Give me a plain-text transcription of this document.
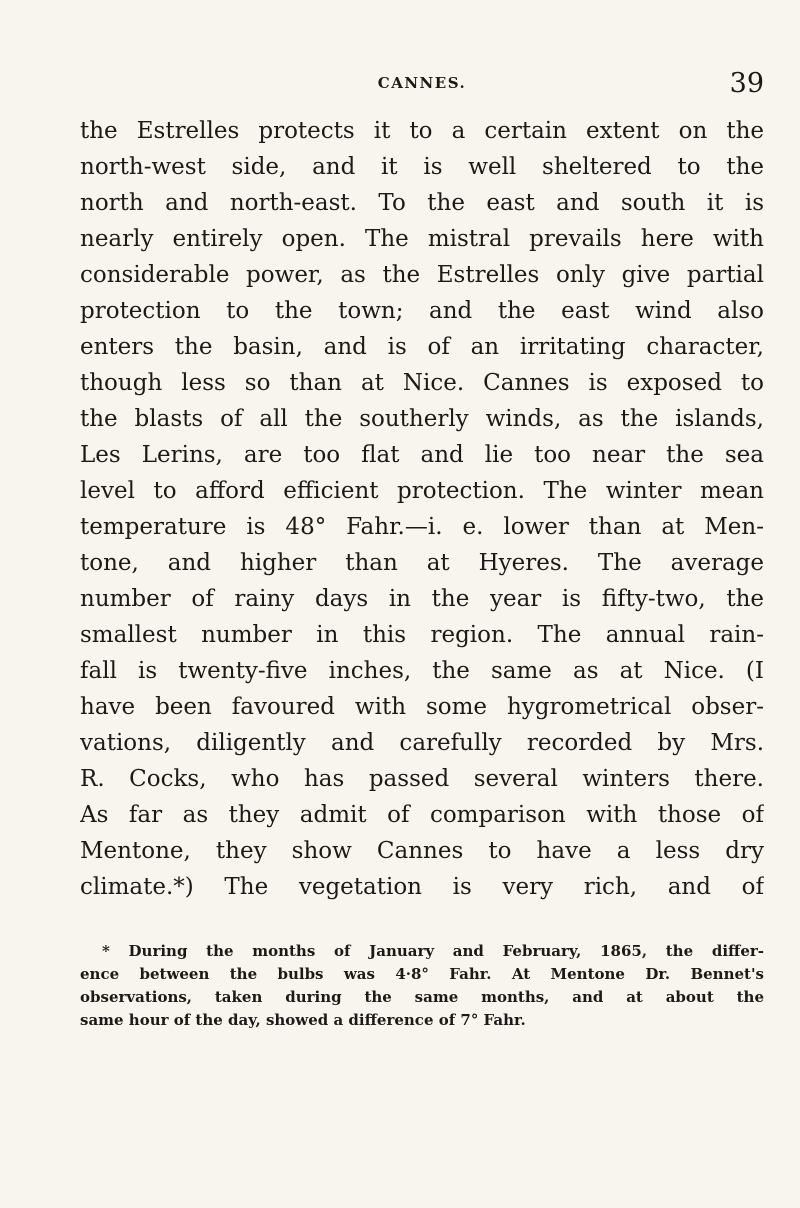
CANNES.	39
the Estrelles protects it to a certain extent on the
north-west side, and it is well sheltered to the
north and north-east. To the east and south it is
nearly entirely open. The mistral prevails here with
considerable power, as the Estrelles only give partial
protection to the town; and the east wind also
enters the basin, and is of an irritating character,
though less so than at Nice. Cannes is exposed to
the blasts of all the southerly winds, as the islands,
Les Lerins, are too flat and lie too near the sea
level to afford efficient protection. The winter mean
temperature is 48° Fahr.—i. e. lower than at Men-
tone, and higher than at Hyeres. The average
number of rainy days in the year is fifty-two, the
smallest number in this region. The annual rain-
fall is twenty-five inches, the same as at Nice. (I
have been favoured with some hygrometrical obser-
vations, diligently and carefully recorded by Mrs.
R. Cocks, who has passed several winters there.
As far as they admit of comparison with those of
Mentone, they show Cannes to have a less dry
climate.*) The vegetation is very rich, and of
* During the months of January and February, 1865, the differ-
ence between the bulbs was 4·8° Fahr. At Mentone Dr. Bennet's
observations, taken during the same months, and at about the
same hour of the day, showed a difference of 7° Fahr.
